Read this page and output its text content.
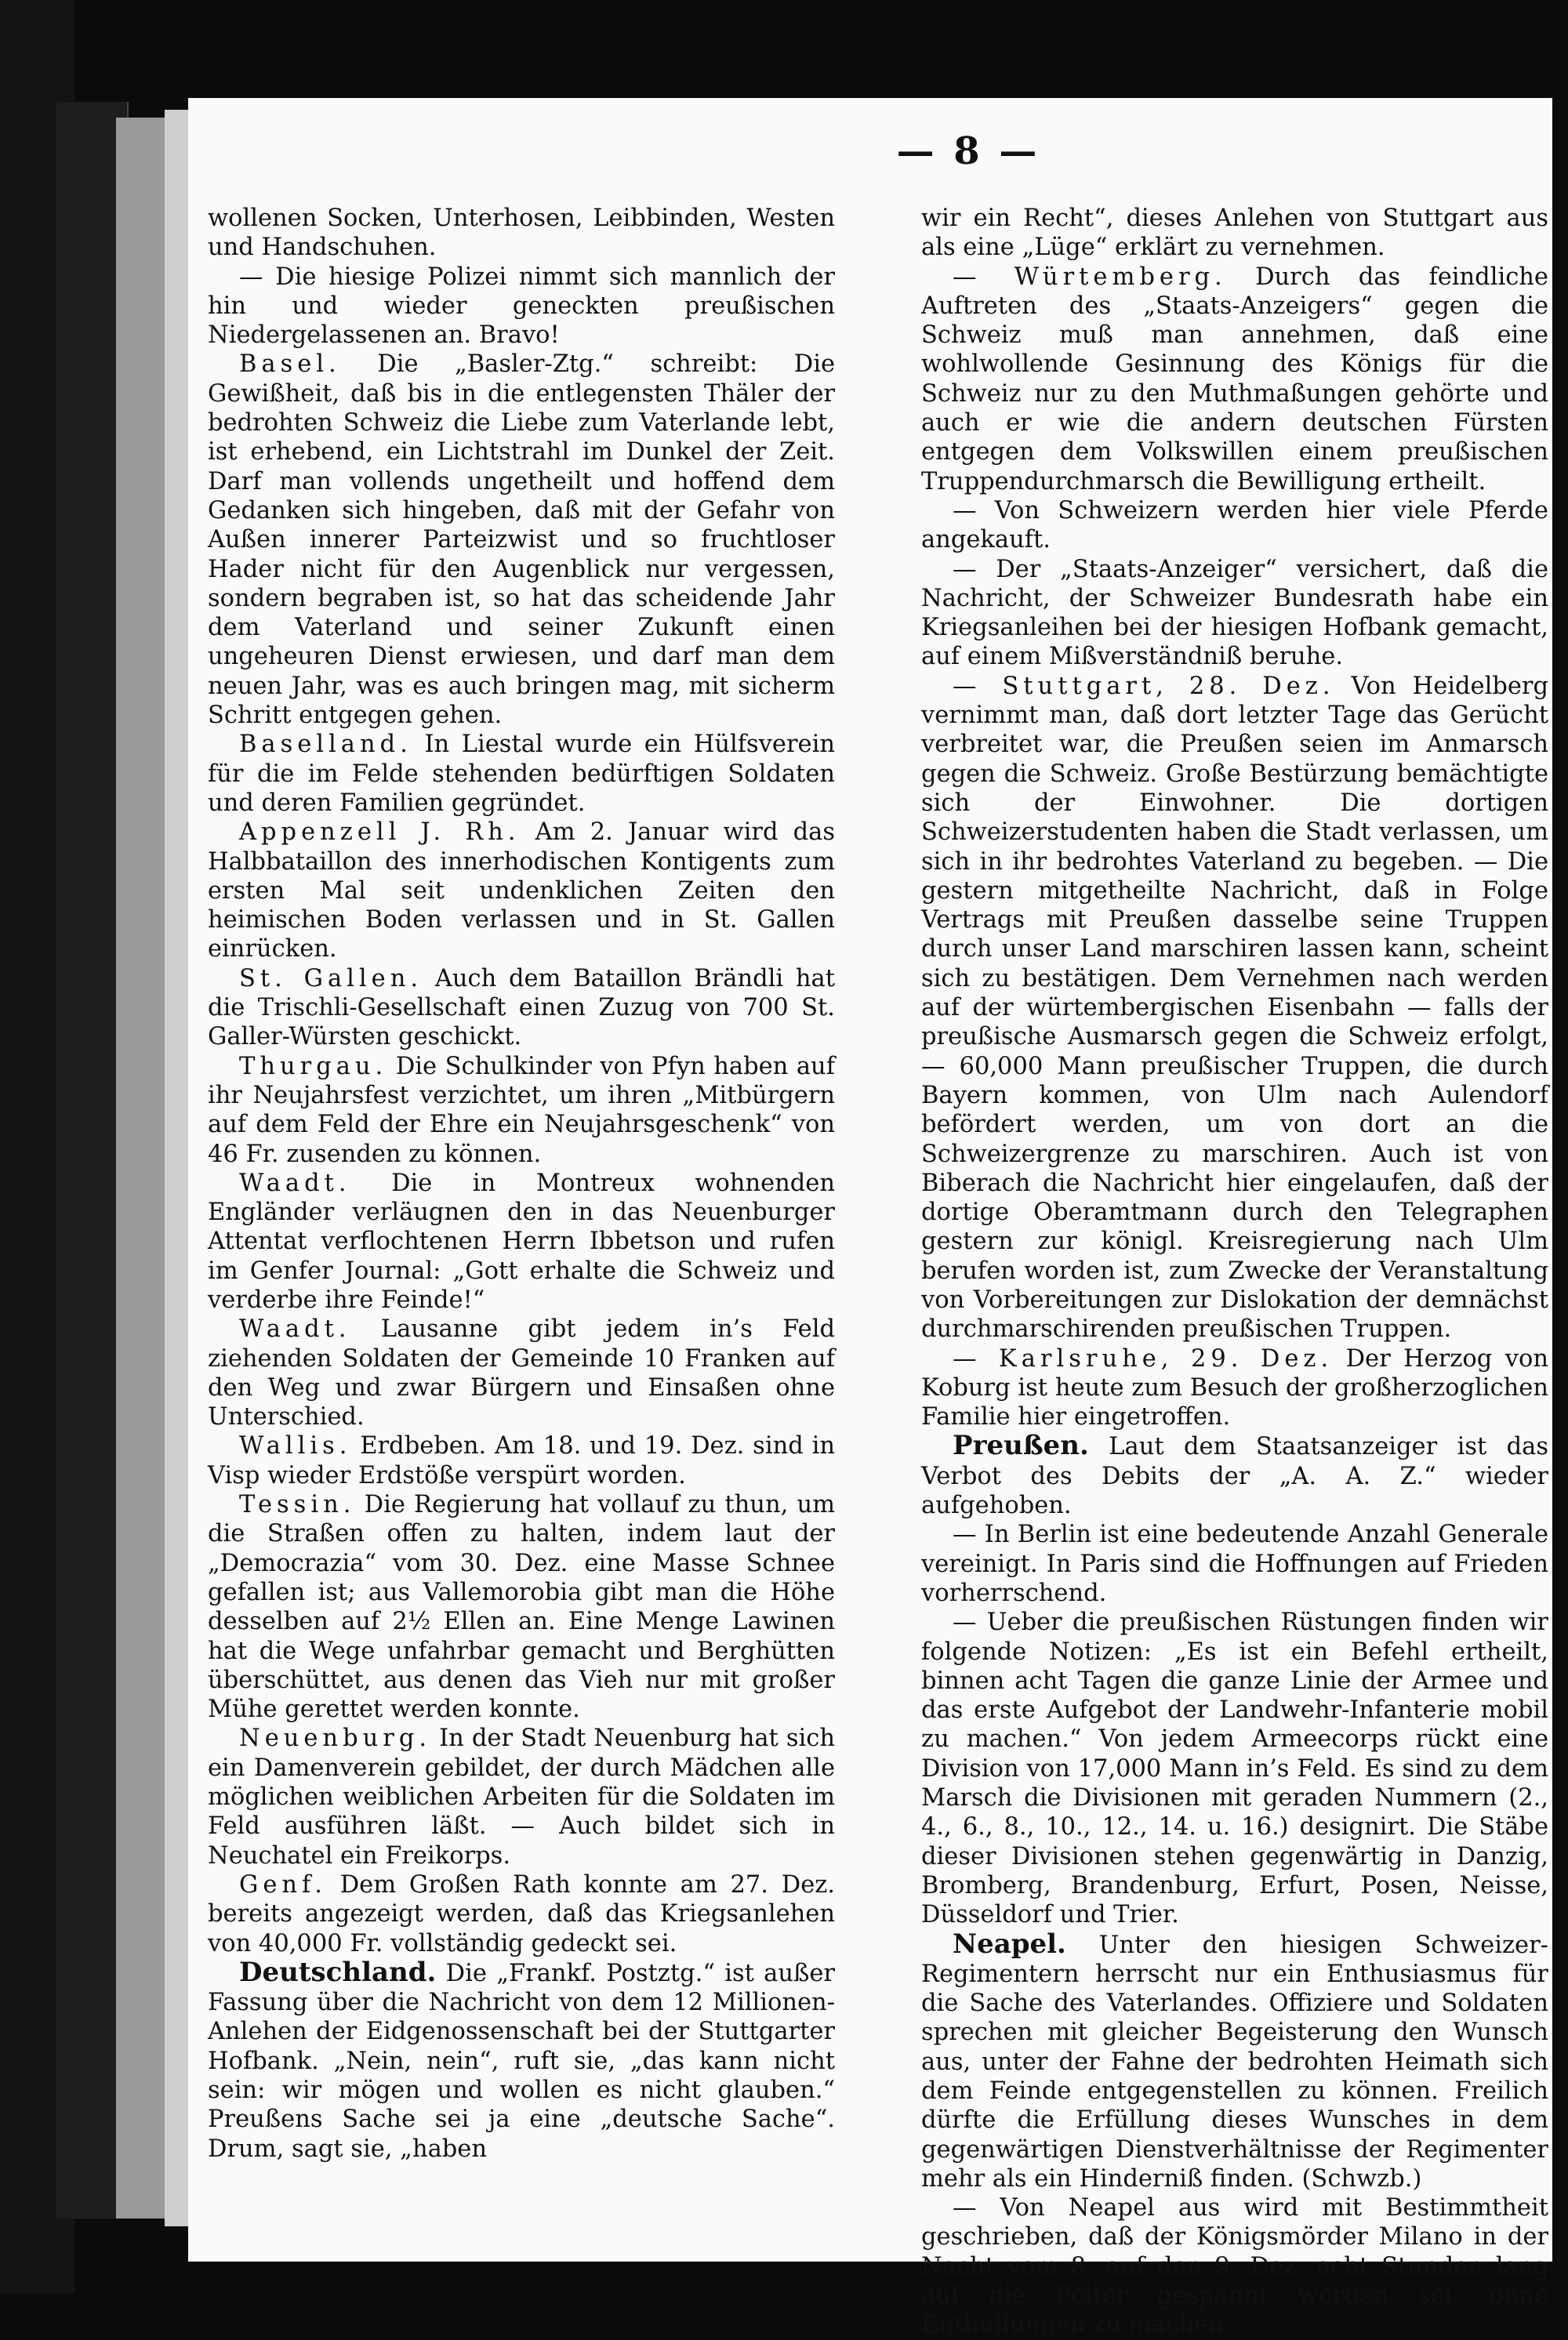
— 8 —

wollenen Socken, Unterhosen, Leibbinden, Westen und Handschuhen.

— Die hiesige Polizei nimmt sich mannlich der hin und wieder geneckten preußischen Niedergelassenen an. Bravo!

Basel. Die „Basler-Ztg.“ schreibt: Die Gewißheit, daß bis in die entlegensten Thäler der bedrohten Schweiz die Liebe zum Vaterlande lebt, ist erhebend, ein Lichtstrahl im Dunkel der Zeit. Darf man vollends ungetheilt und hoffend dem Gedanken sich hingeben, daß mit der Gefahr von Außen innerer Parteizwist und so fruchtloser Hader nicht für den Augenblick nur vergessen, sondern begraben ist, so hat das scheidende Jahr dem Vaterland und seiner Zukunft einen ungeheuren Dienst erwiesen, und darf man dem neuen Jahr, was es auch bringen mag, mit sicherm Schritt entgegen gehen.

Baselland. In Liestal wurde ein Hülfsverein für die im Felde stehenden bedürftigen Soldaten und deren Familien gegründet.

Appenzell J. Rh. Am 2. Januar wird das Halbbataillon des innerhodischen Kontigents zum ersten Mal seit undenklichen Zeiten den heimischen Boden verlassen und in St. Gallen einrücken.

St. Gallen. Auch dem Bataillon Brändli hat die Trischli-Gesellschaft einen Zuzug von 700 St. Galler-Würsten geschickt.

Thurgau. Die Schulkinder von Pfyn haben auf ihr Neujahrsfest verzichtet, um ihren „Mitbürgern auf dem Feld der Ehre ein Neujahrsgeschenk“ von 46 Fr. zusenden zu können.

Waadt. Die in Montreux wohnenden Engländer verläugnen den in das Neuenburger Attentat verflochtenen Herrn Ibbetson und rufen im Genfer Journal: „Gott erhalte die Schweiz und verderbe ihre Feinde!“

Waadt. Lausanne gibt jedem in’s Feld ziehenden Soldaten der Gemeinde 10 Franken auf den Weg und zwar Bürgern und Einsaßen ohne Unterschied.

Wallis. Erdbeben. Am 18. und 19. Dez. sind in Visp wieder Erdstöße verspürt worden.

Tessin. Die Regierung hat vollauf zu thun, um die Straßen offen zu halten, indem laut der „Democrazia“ vom 30. Dez. eine Masse Schnee gefallen ist; aus Vallemorobia gibt man die Höhe desselben auf 2½ Ellen an. Eine Menge Lawinen hat die Wege unfahrbar gemacht und Berghütten überschüttet, aus denen das Vieh nur mit großer Mühe gerettet werden konnte.

Neuenburg. In der Stadt Neuenburg hat sich ein Damenverein gebildet, der durch Mädchen alle möglichen weiblichen Arbeiten für die Soldaten im Feld ausführen läßt. — Auch bildet sich in Neuchatel ein Freikorps.

Genf. Dem Großen Rath konnte am 27. Dez. bereits angezeigt werden, daß das Kriegsanlehen von 40,000 Fr. vollständig gedeckt sei.

Deutschland. Die „Frankf. Postztg.“ ist außer Fassung über die Nachricht von dem 12 Millionen-Anlehen der Eidgenossenschaft bei der Stuttgarter Hofbank. „Nein, nein“, ruft sie, „das kann nicht sein: wir mögen und wollen es nicht glauben.“ Preußens Sache sei ja eine „deutsche Sache“. Drum, sagt sie, „haben

wir ein Recht“, dieses Anlehen von Stuttgart aus als eine „Lüge“ erklärt zu vernehmen.

— Würtemberg. Durch das feindliche Auftreten des „Staats-Anzeigers“ gegen die Schweiz muß man annehmen, daß eine wohlwollende Gesinnung des Königs für die Schweiz nur zu den Muthmaßungen gehörte und auch er wie die andern deutschen Fürsten entgegen dem Volkswillen einem preußischen Truppendurchmarsch die Bewilligung ertheilt.

— Von Schweizern werden hier viele Pferde angekauft.

— Der „Staats-Anzeiger“ versichert, daß die Nachricht, der Schweizer Bundesrath habe ein Kriegsanleihen bei der hiesigen Hofbank gemacht, auf einem Mißverständniß beruhe.

— Stuttgart, 28. Dez. Von Heidelberg vernimmt man, daß dort letzter Tage das Gerücht verbreitet war, die Preußen seien im Anmarsch gegen die Schweiz. Große Bestürzung bemächtigte sich der Einwohner. Die dortigen Schweizerstudenten haben die Stadt verlassen, um sich in ihr bedrohtes Vaterland zu begeben. — Die gestern mitgetheilte Nachricht, daß in Folge Vertrags mit Preußen dasselbe seine Truppen durch unser Land marschiren lassen kann, scheint sich zu bestätigen. Dem Vernehmen nach werden auf der würtembergischen Eisenbahn — falls der preußische Ausmarsch gegen die Schweiz erfolgt, — 60,000 Mann preußischer Truppen, die durch Bayern kommen, von Ulm nach Aulendorf befördert werden, um von dort an die Schweizergrenze zu marschiren. Auch ist von Biberach die Nachricht hier eingelaufen, daß der dortige Oberamtmann durch den Telegraphen gestern zur königl. Kreisregierung nach Ulm berufen worden ist, zum Zwecke der Veranstaltung von Vorbereitungen zur Dislokation der demnächst durchmarschirenden preußischen Truppen.

— Karlsruhe, 29. Dez. Der Herzog von Koburg ist heute zum Besuch der großherzoglichen Familie hier eingetroffen.

Preußen. Laut dem Staatsanzeiger ist das Verbot des Debits der „A. A. Z.“ wieder aufgehoben.

— In Berlin ist eine bedeutende Anzahl Generale vereinigt. In Paris sind die Hoffnungen auf Frieden vorherrschend.

— Ueber die preußischen Rüstungen finden wir folgende Notizen: „Es ist ein Befehl ertheilt, binnen acht Tagen die ganze Linie der Armee und das erste Aufgebot der Landwehr-Infanterie mobil zu machen.“ Von jedem Armeecorps rückt eine Division von 17,000 Mann in’s Feld. Es sind zu dem Marsch die Divisionen mit geraden Nummern (2., 4., 6., 8., 10., 12., 14. u. 16.) designirt. Die Stäbe dieser Divisionen stehen gegenwärtig in Danzig, Bromberg, Brandenburg, Erfurt, Posen, Neisse, Düsseldorf und Trier.

Neapel. Unter den hiesigen Schweizer-Regimentern herrscht nur ein Enthusiasmus für die Sache des Vaterlandes. Offiziere und Soldaten sprechen mit gleicher Begeisterung den Wunsch aus, unter der Fahne der bedrohten Heimath sich dem Feinde entgegenstellen zu können. Freilich dürfte die Erfüllung dieses Wunsches in dem gegenwärtigen Dienstverhältnisse der Regimenter mehr als ein Hinderniß finden. (Schwzb.)

— Von Neapel aus wird mit Bestimmtheit geschrieben, daß der Königsmörder Milano in der Nacht vom 8. auf den 9. Dez. acht Stunden lang auf die Folter gespannt worden sei, ohne Enthüllungen zu machen.
